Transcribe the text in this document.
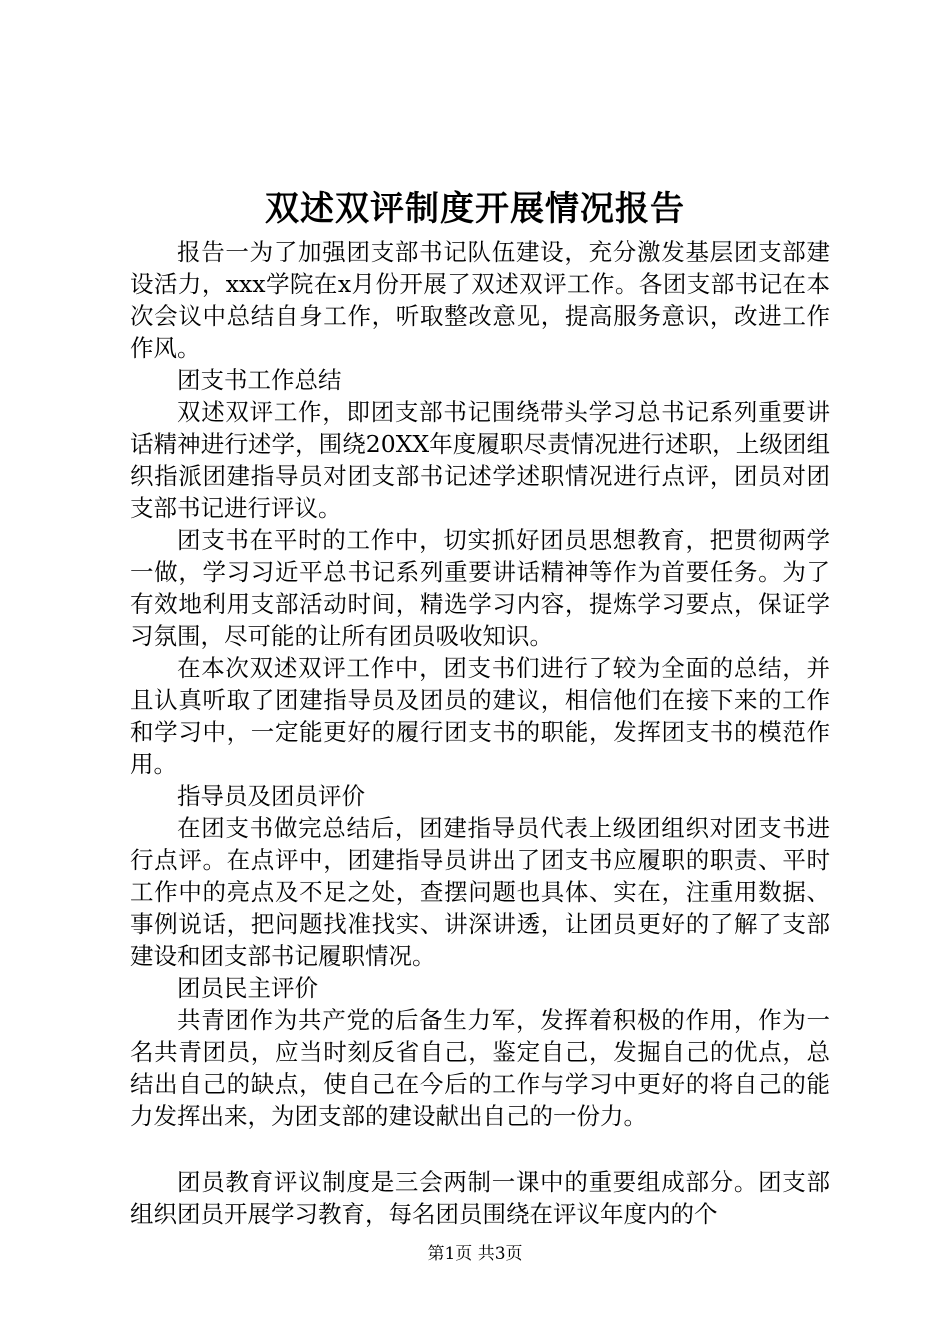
双述双评制度开展情况报告

报告一为了加强团支部书记队伍建设，充分激发基层团支部建设活力，xxx学院在x月份开展了双述双评工作。各团支部书记在本次会议中总结自身工作，听取整改意见，提高服务意识，改进工作作风。

团支书工作总结

双述双评工作，即团支部书记围绕带头学习总书记系列重要讲话精神进行述学，围绕20XX年度履职尽责情况进行述职，上级团组织指派团建指导员对团支部书记述学述职情况进行点评，团员对团支部书记进行评议。

团支书在平时的工作中，切实抓好团员思想教育，把贯彻两学一做，学习习近平总书记系列重要讲话精神等作为首要任务。为了有效地利用支部活动时间，精选学习内容，提炼学习要点，保证学习氛围，尽可能的让所有团员吸收知识。

在本次双述双评工作中，团支书们进行了较为全面的总结，并且认真听取了团建指导员及团员的建议，相信他们在接下来的工作和学习中，一定能更好的履行团支书的职能，发挥团支书的模范作用。

指导员及团员评价

在团支书做完总结后，团建指导员代表上级团组织对团支书进行点评。在点评中，团建指导员讲出了团支书应履职的职责、平时工作中的亮点及不足之处，查摆问题也具体、实在，注重用数据、事例说话，把问题找准找实、讲深讲透，让团员更好的了解了支部建设和团支部书记履职情况。

团员民主评价

共青团作为共产党的后备生力军，发挥着积极的作用，作为一名共青团员，应当时刻反省自己，鉴定自己，发掘自己的优点，总结出自己的缺点，使自己在今后的工作与学习中更好的将自己的能力发挥出来，为团支部的建设献出自己的一份力。

团员教育评议制度是三会两制一课中的重要组成部分。团支部组织团员开展学习教育，每名团员围绕在评议年度内的个

第1页 共3页
